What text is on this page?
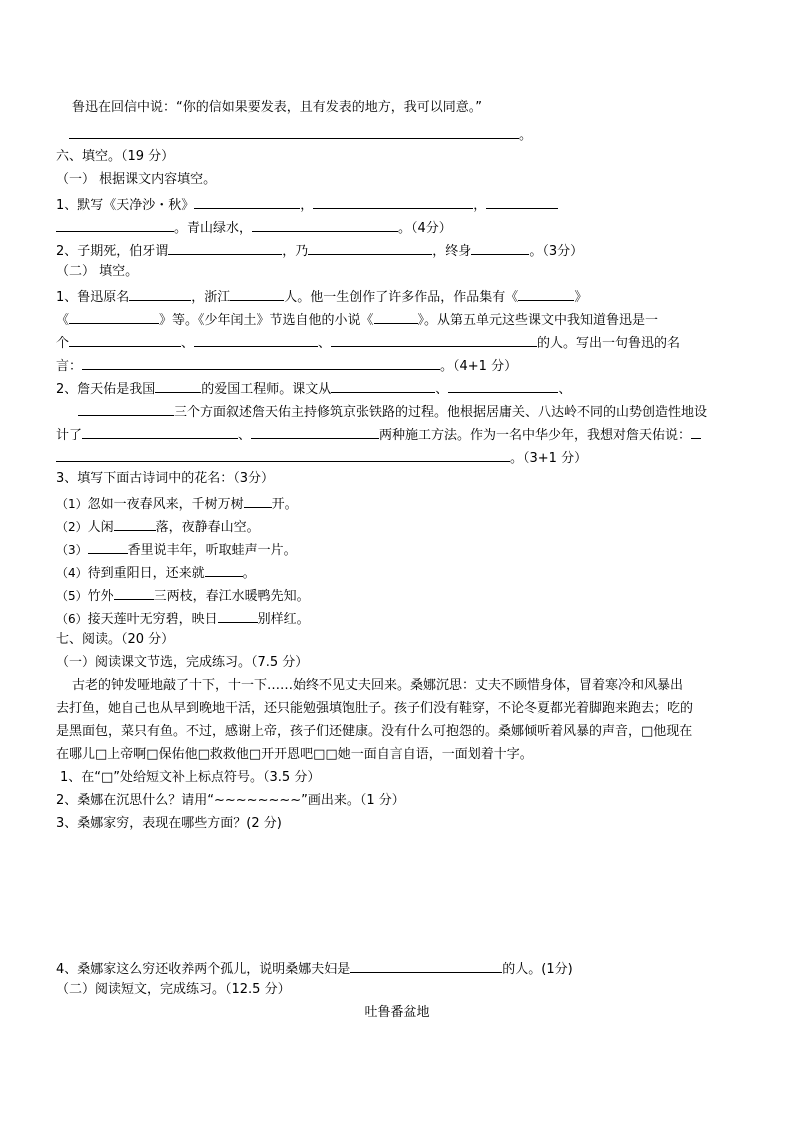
鲁迅在回信中说：“你的信如果要发表，且有发表的地方，我可以同意。”
。
六、填空。（19 分）
（一） 根据课文内容填空。
1、默写《天净沙・秋》	，	，
。青山绿水，	。（4分）
2、子期死，伯牙谓	，乃	，终身	。（3分）
（二） 填空。
1、鲁迅原名	，浙江	人。他一生创作了许多作品，作品集有《	》
《	》等。《少年闰土》节选自他的小说《	》。从第五单元这些课文中我知道鲁迅是一
个	、	、	的人。写出一句鲁迅的名
言：	。（4+1 分）
2、詹天佑是我国	的爱国工程师。课文从	、	、
三个方面叙述詹天佑主持修筑京张铁路的过程。他根据居庸关、八达岭不同的山势创造性地设
计了	、	两种施工方法。作为一名中华少年，我想对詹天佑说：
。（3+1 分）
3、填写下面古诗词中的花名：（3分）
（1）忽如一夜春风来，千树万树 开。
（2）人闲	落，夜静春山空。
（3）	香里说丰年，听取蛙声一片。
（4）待到重阳日，还来就	。
（5）竹外	三两枝，春江水暖鸭先知。
（6）接天莲叶无穷碧，映日	别样红。
七、阅读。（20 分）
（一）阅读课文节选，完成练习。（7.5 分）
古老的钟发哑地敲了十下，十一下……始终不见丈夫回来。桑娜沉思：丈夫不顾惜身体，冒着寒冷和风暴出
去打鱼，她自己也从早到晚地干活，还只能勉强填饱肚子。孩子们没有鞋穿，不论冬夏都光着脚跑来跑去；吃的
是黑面包，菜只有鱼。不过，感谢上帝，孩子们还健康。没有什么可抱怨的。桑娜倾听着风暴的声音，□他现在
在哪儿□上帝啊□保佑他□救救他□开开恩吧□□她一面自言自语，一面划着十字。
1、在“□”处给短文补上标点符号。（3.5 分）
2、桑娜在沉思什么？请用“~~~~~~~~”画出来。（1 分）
3、桑娜家穷，表现在哪些方面？(2 分)
4、桑娜家这么穷还收养两个孤儿，说明桑娜夫妇是	的人。(1分)
（二）阅读短文，完成练习。（12.5 分）
吐鲁番盆地
